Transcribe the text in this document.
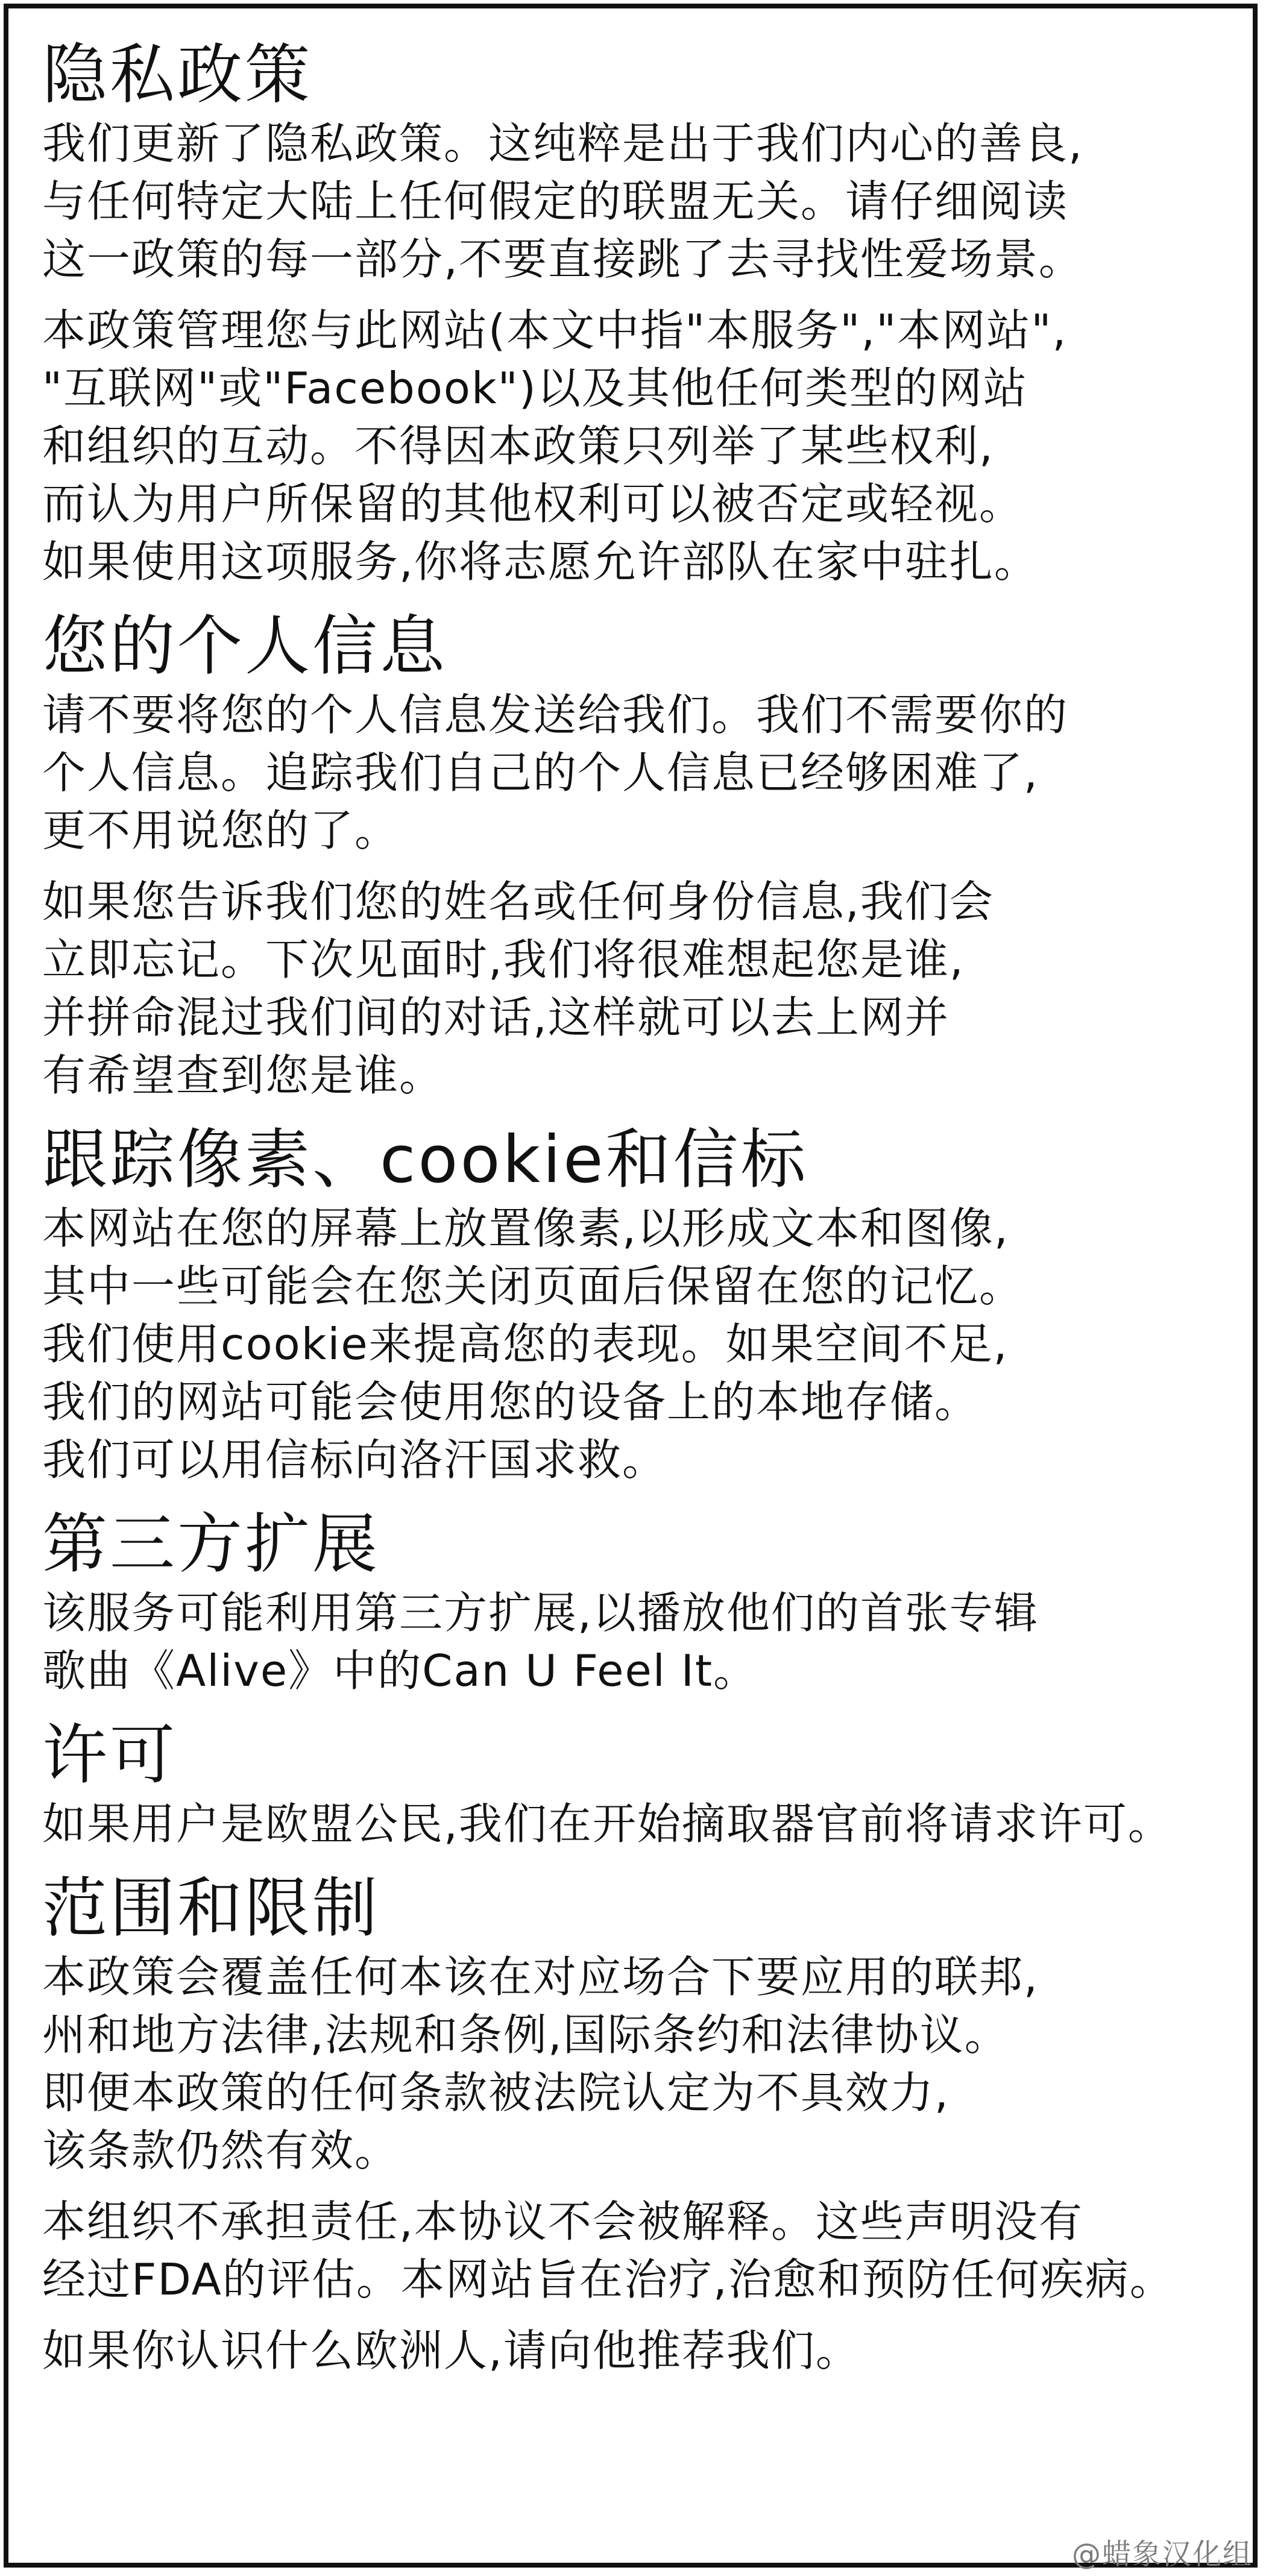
隐私政策

我们更新了隐私政策。这纯粹是出于我们内心的善良,
与任何特定大陆上任何假定的联盟无关。请仔细阅读
这一政策的每一部分,不要直接跳了去寻找性爱场景。

本政策管理您与此网站(本文中指"本服务","本网站",
"互联网"或"Facebook")以及其他任何类型的网站
和组织的互动。不得因本政策只列举了某些权利,
而认为用户所保留的其他权利可以被否定或轻视。
如果使用这项服务,你将志愿允许部队在家中驻扎。

您的个人信息

请不要将您的个人信息发送给我们。我们不需要你的
个人信息。追踪我们自己的个人信息已经够困难了,
更不用说您的了。

如果您告诉我们您的姓名或任何身份信息,我们会
立即忘记。下次见面时,我们将很难想起您是谁,
并拼命混过我们间的对话,这样就可以去上网并
有希望查到您是谁。

跟踪像素、cookie和信标

本网站在您的屏幕上放置像素,以形成文本和图像,
其中一些可能会在您关闭页面后保留在您的记忆。
我们使用cookie来提高您的表现。如果空间不足,
我们的网站可能会使用您的设备上的本地存储。
我们可以用信标向洛汗国求救。

第三方扩展

该服务可能利用第三方扩展,以播放他们的首张专辑
歌曲《Alive》中的Can U Feel It。

许可

如果用户是欧盟公民,我们在开始摘取器官前将请求许可。

范围和限制

本政策会覆盖任何本该在对应场合下要应用的联邦,
州和地方法律,法规和条例,国际条约和法律协议。
即便本政策的任何条款被法院认定为不具效力,
该条款仍然有效。

本组织不承担责任,本协议不会被解释。这些声明没有
经过FDA的评估。本网站旨在治疗,治愈和预防任何疾病。

如果你认识什么欧洲人,请向他推荐我们。

@蜡象汉化组
